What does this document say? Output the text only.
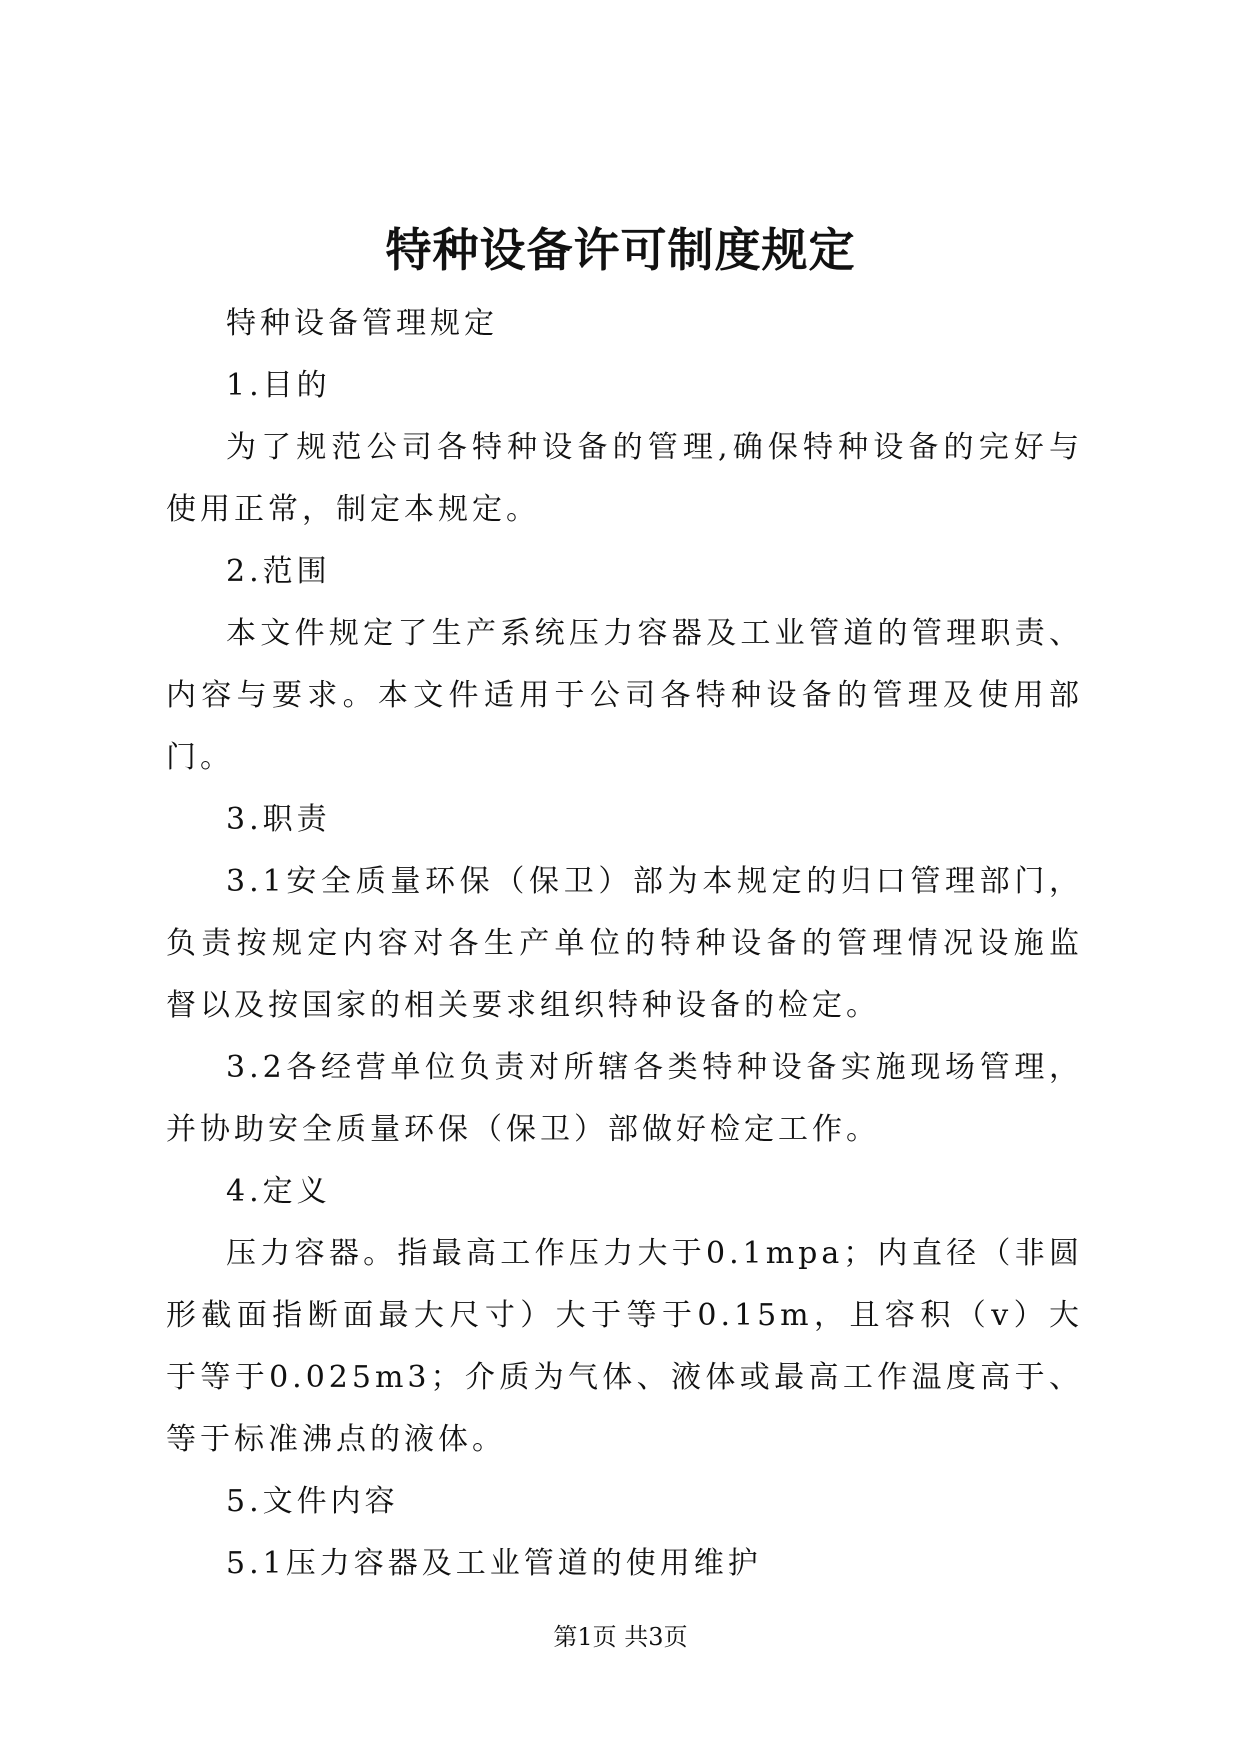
特种设备许可制度规定

特种设备管理规定

1.目的

为了规范公司各特种设备的管理,确保特种设备的完好与使用正常，制定本规定。

2.范围

本文件规定了生产系统压力容器及工业管道的管理职责、内容与要求。本文件适用于公司各特种设备的管理及使用部门。

3.职责

3.1安全质量环保（保卫）部为本规定的归口管理部门，负责按规定内容对各生产单位的特种设备的管理情况设施监督以及按国家的相关要求组织特种设备的检定。

3.2各经营单位负责对所辖各类特种设备实施现场管理，并协助安全质量环保（保卫）部做好检定工作。

4.定义

压力容器。指最高工作压力大于0.1mpa；内直径（非圆形截面指断面最大尺寸）大于等于0.15m，且容积（v）大于等于0.025m3；介质为气体、液体或最高工作温度高于、等于标准沸点的液体。

5.文件内容

5.1压力容器及工业管道的使用维护

第1页 共3页
